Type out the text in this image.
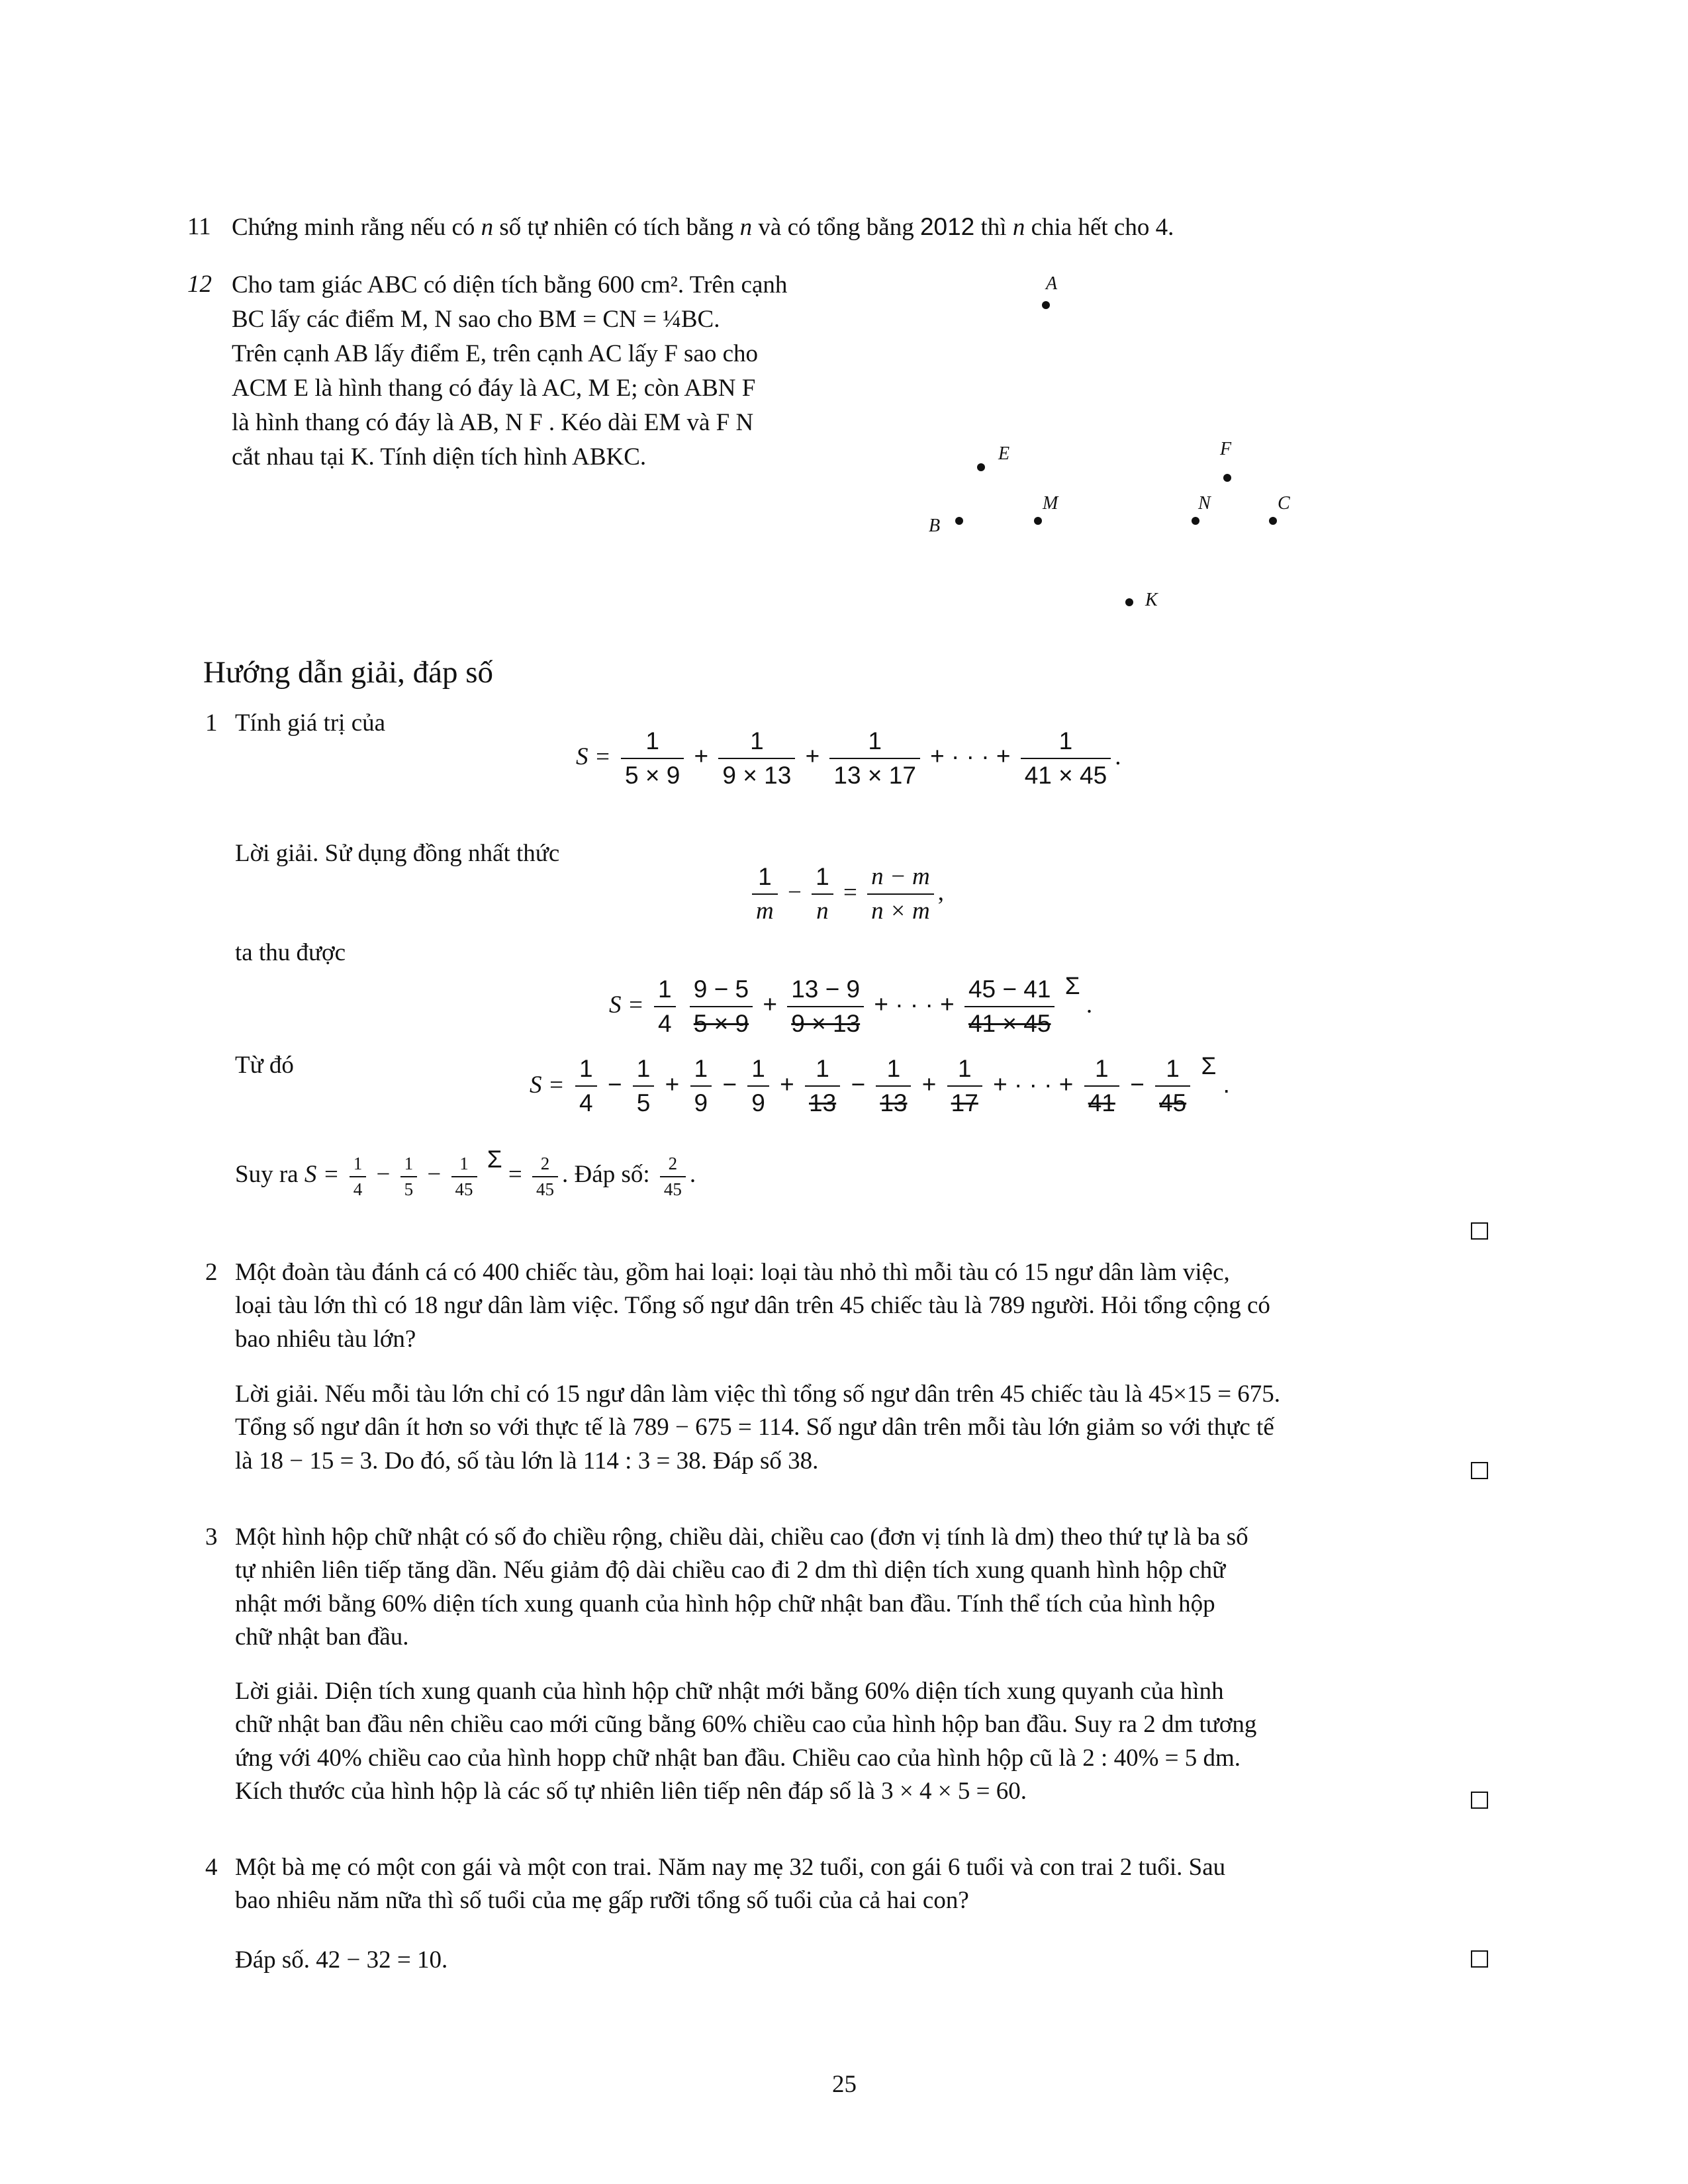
11 Chứng minh rằng nếu có n số tự nhiên có tích bằng n và có tổng bằng 2012 thì n chia hết cho 4.
12 Cho tam giác ABC có diện tích bằng 600 cm². Trên cạnh
BC lấy các điểm M, N sao cho BM = CN = ¼BC.
Trên cạnh AB lấy điểm E, trên cạnh AC lấy F sao cho
ACM E là hình thang có đáy là AC, M E; còn ABN F
là hình thang có đáy là AB, N F . Kéo dài EM và F N
cắt nhau tại K. Tính diện tích hình ABKC.
A
E	F
M	N	C
B
K
Hướng dẫn giải, đáp số
1 Tính giá trị của
$S = \frac{1}{5 \times 9} + \frac{1}{9 \times 13} + \frac{1}{13 \times 17}$ + · · · + $\frac{1}{41 \times 45}$ .
Lời giải. Sử dụng đồng nhất thức
$\frac{1}{m} - \frac{1}{n} = \frac{n - m}{n \times m}$ ,
ta thu được
$S = \frac{1}{4}$
$\frac{9 - 5}{5 \times 9} + \frac{13 - 9}{9 \times 13}$ + · · · + $\frac{45 - 41}{41 \times 45}$ Σ .
Từ đó
$S = \frac{1}{4} - \frac{1}{5} + \frac{1}{9} - \frac{1}{9} + \frac{1}{13} - \frac{1}{13} + \frac{1}{17}$ + · · · + $\frac{1}{41} - \frac{1}{45}$ Σ .
Suy ra $S = \frac{1}{4} - \frac{1}{5} - \frac{1}{45}$ $\Sigma = \frac{2}{45}$ . Đáp số: $\frac{2}{45}$ .
2 Một đoàn tàu đánh cá có 400 chiếc tàu, gồm hai loại: loại tàu nhỏ thì mỗi tàu có 15 ngư dân làm việc,
loại tàu lớn thì có 18 ngư dân làm việc. Tổng số ngư dân trên 45 chiếc tàu là 789 người. Hỏi tổng cộng có
bao nhiêu tàu lớn?
Lời giải. Nếu mỗi tàu lớn chỉ có 15 ngư dân làm việc thì tổng số ngư dân trên 45 chiếc tàu là 45×15 = 675.
Tổng số ngư dân ít hơn so với thực tế là 789 − 675 = 114. Số ngư dân trên mỗi tàu lớn giảm so với thực tế
là 18 − 15 = 3. Do đó, số tàu lớn là 114 : 3 = 38. Đáp số 38.
3 Một hình hộp chữ nhật có số đo chiều rộng, chiều dài, chiều cao (đơn vị tính là dm) theo thứ tự là ba số
tự nhiên liên tiếp tăng dần. Nếu giảm độ dài chiều cao đi 2 dm thì diện tích xung quanh hình hộp chữ
nhật mới bằng 60% diện tích xung quanh của hình hộp chữ nhật ban đầu. Tính thể tích của hình hộp
chữ nhật ban đầu.
Lời giải. Diện tích xung quanh của hình hộp chữ nhật mới bằng 60% diện tích xung quyanh của hình
chữ nhật ban đầu nên chiều cao mới cũng bằng 60% chiều cao của hình hộp ban đầu. Suy ra 2 dm tương
ứng với 40% chiều cao của hình hopp chữ nhật ban đầu. Chiều cao của hình hộp cũ là 2 : 40% = 5 dm.
Kích thước của hình hộp là các số tự nhiên liên tiếp nên đáp số là 3 × 4 × 5 = 60.
4 Một bà mẹ có một con gái và một con trai. Năm nay mẹ 32 tuổi, con gái 6 tuổi và con trai 2 tuổi. Sau
bao nhiêu năm nữa thì số tuổi của mẹ gấp rưỡi tổng số tuổi của cả hai con?
Đáp số. 42 − 32 = 10.
25
